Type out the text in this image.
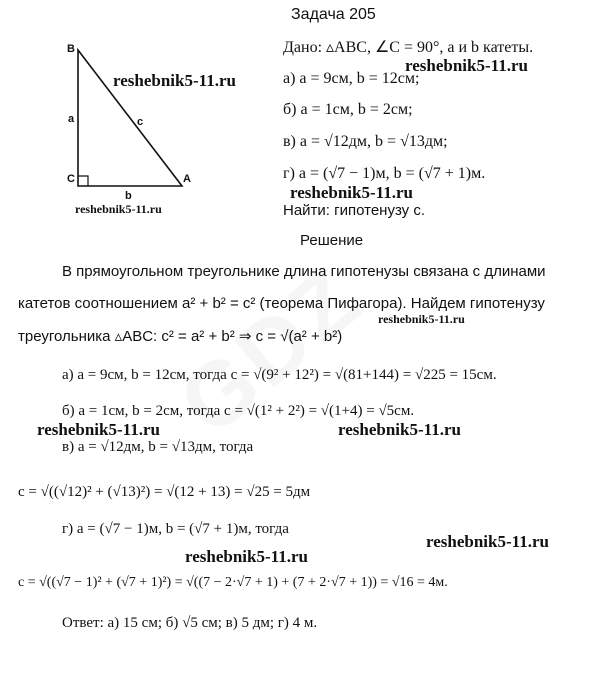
Задача 205
B
C	A
a
b
c
reshebnik5-11.ru
reshebnik5-11.ru
reshebnik5-11.ru
reshebnik5-11.ru
reshebnik5-11.ru
reshebnik5-11.ru	reshebnik5-11.ru
reshebnik5-11.ru
reshebnik5-11.ru
Дано: ▵ABC, ∠C = 90°, a и b катеты.
а) a = 9см, b = 12см;
б) a = 1см, b = 2см;
в) a = √12дм, b = √13дм;
г) a = (√7 − 1)м, b = (√7 + 1)м.
Найти: гипотенузу c.
Решение
В прямоугольном треугольнике длина гипотенузы связана с длинами
катетов соотношением a² + b² = c² (теорема Пифагора). Найдем гипотенузу
треугольника ▵ABC: c² = a² + b² ⇒ c = √(a² + b²)
а) a = 9см, b = 12см, тогда c = √(9² + 12²) = √(81+144) = √225 = 15см.
б) a = 1см, b = 2см, тогда c = √(1² + 2²) = √(1+4) = √5см.
в) a = √12дм, b = √13дм, тогда
c = √((√12)² + (√13)²) = √(12 + 13) = √25 = 5дм
г) a = (√7 − 1)м, b = (√7 + 1)м, тогда
c = √((√7 − 1)² + (√7 + 1)²) = √((7 − 2·√7 + 1) + (7 + 2·√7 + 1)) = √16 = 4м.
Ответ: а) 15 см; б) √5 см; в) 5 дм; г) 4 м.
